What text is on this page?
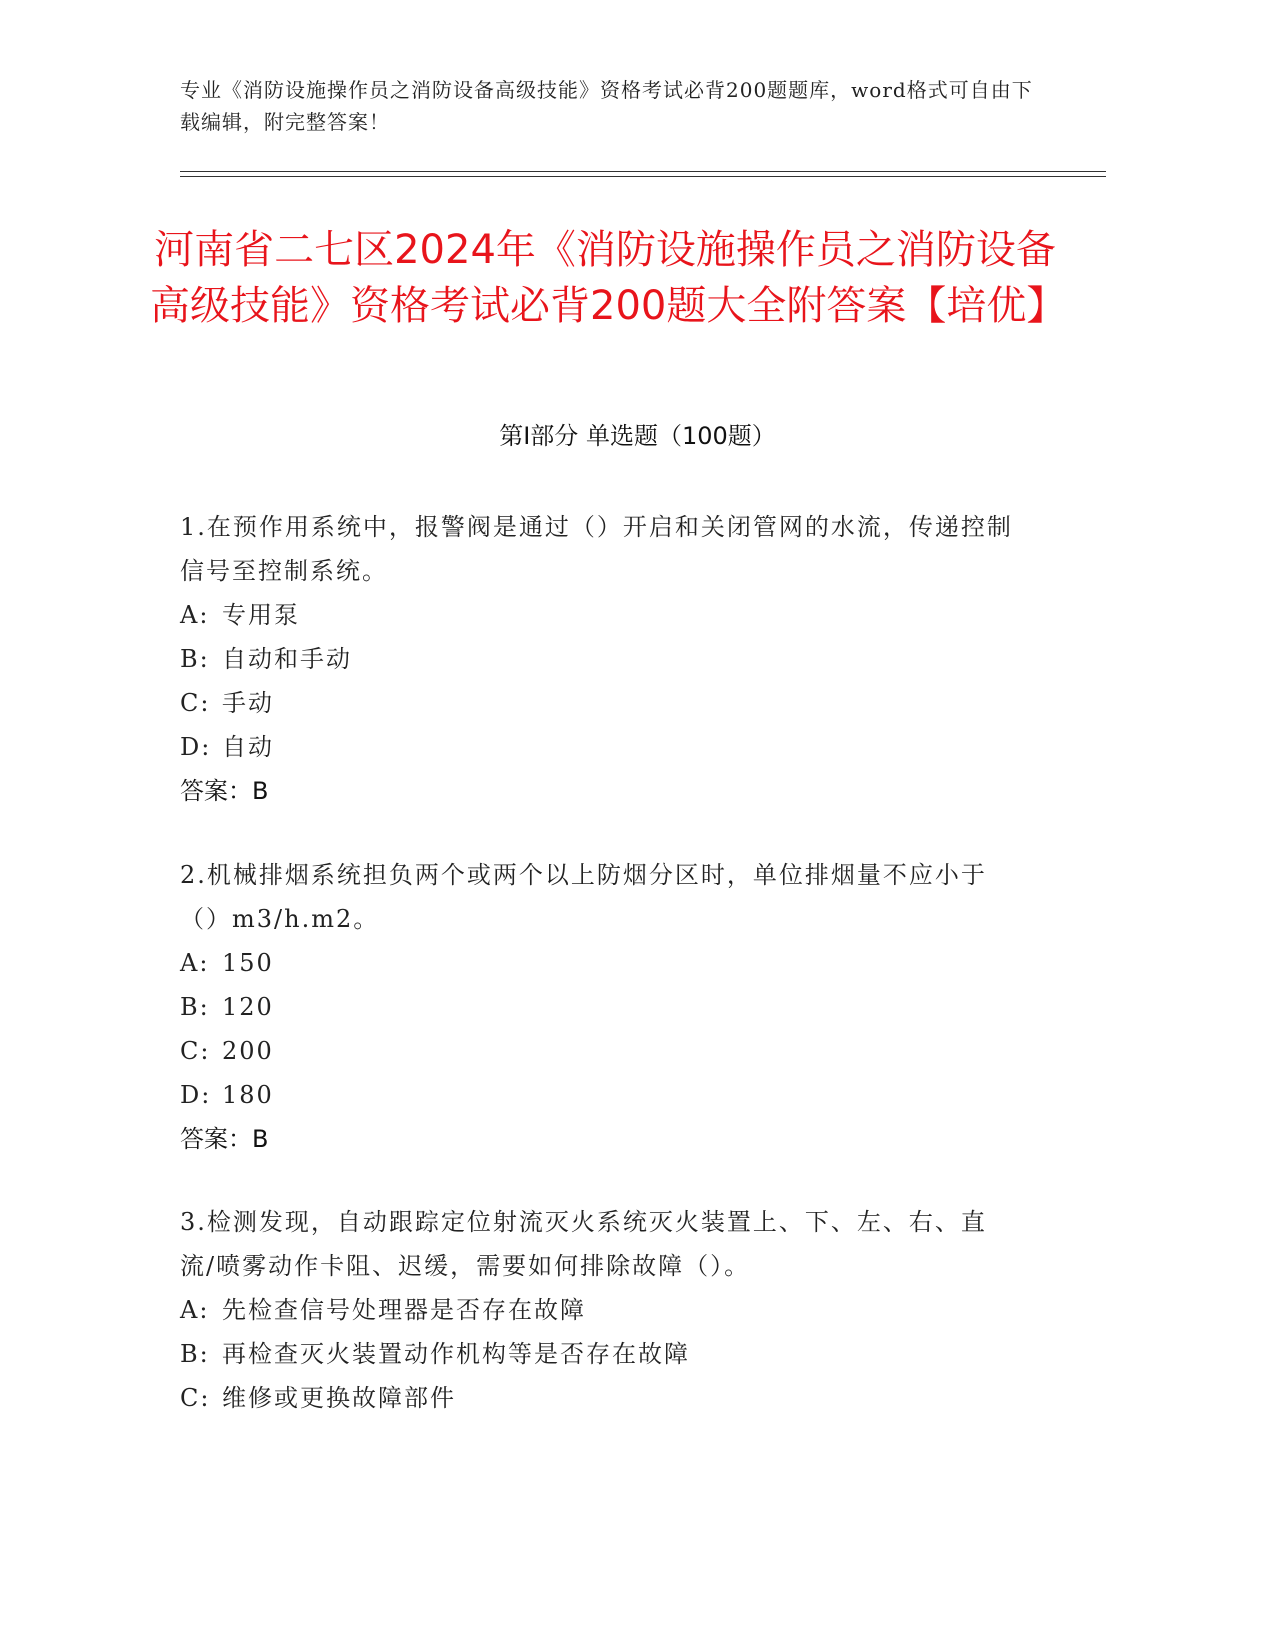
专业《消防设施操作员之消防设备高级技能》资格考试必背200题题库，word格式可自由下载编辑，附完整答案！
河南省二七区2024年《消防设施操作员之消防设备高级技能》资格考试必背200题大全附答案【培优】
第Ⅰ部分 单选题（100题）
1.在预作用系统中，报警阀是通过（）开启和关闭管网的水流，传递控制信号至控制系统。
A: 专用泵
B: 自动和手动
C: 手动
D: 自动
答案：B
2.机械排烟系统担负两个或两个以上防烟分区时，单位排烟量不应小于（）m3/h.m2。
A: 150
B: 120
C: 200
D: 180
答案：B
3.检测发现，自动跟踪定位射流灭火系统灭火装置上、下、左、右、直流/喷雾动作卡阻、迟缓，需要如何排除故障（）。
A: 先检查信号处理器是否存在故障
B: 再检查灭火装置动作机构等是否存在故障
C: 维修或更换故障部件
